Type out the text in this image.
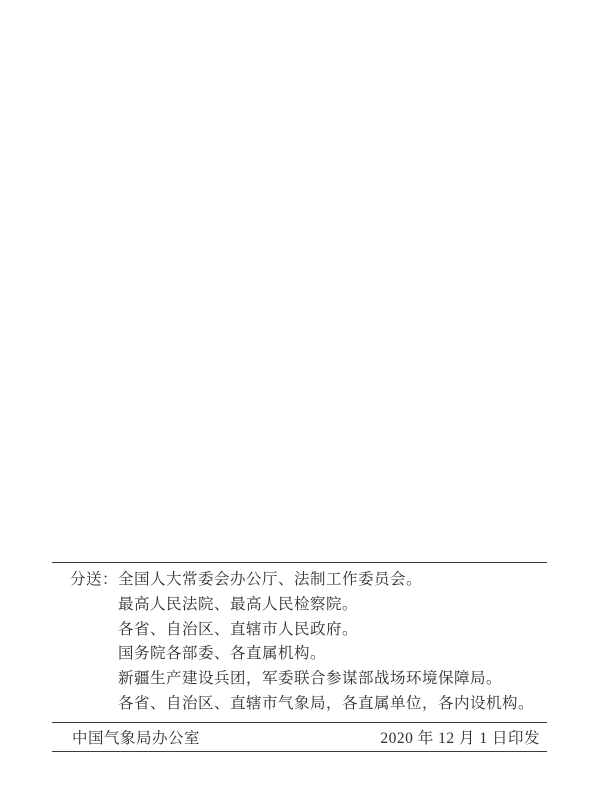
分送： 全国人大常委会办公厅、法制工作委员会。
最高人民法院、最高人民检察院。
各省、自治区、直辖市人民政府。
国务院各部委、各直属机构。
新疆生产建设兵团，军委联合参谋部战场环境保障局。
各省、自治区、直辖市气象局，各直属单位，各内设机构。
中国气象局办公室	2020 年 12 月 1 日印发
